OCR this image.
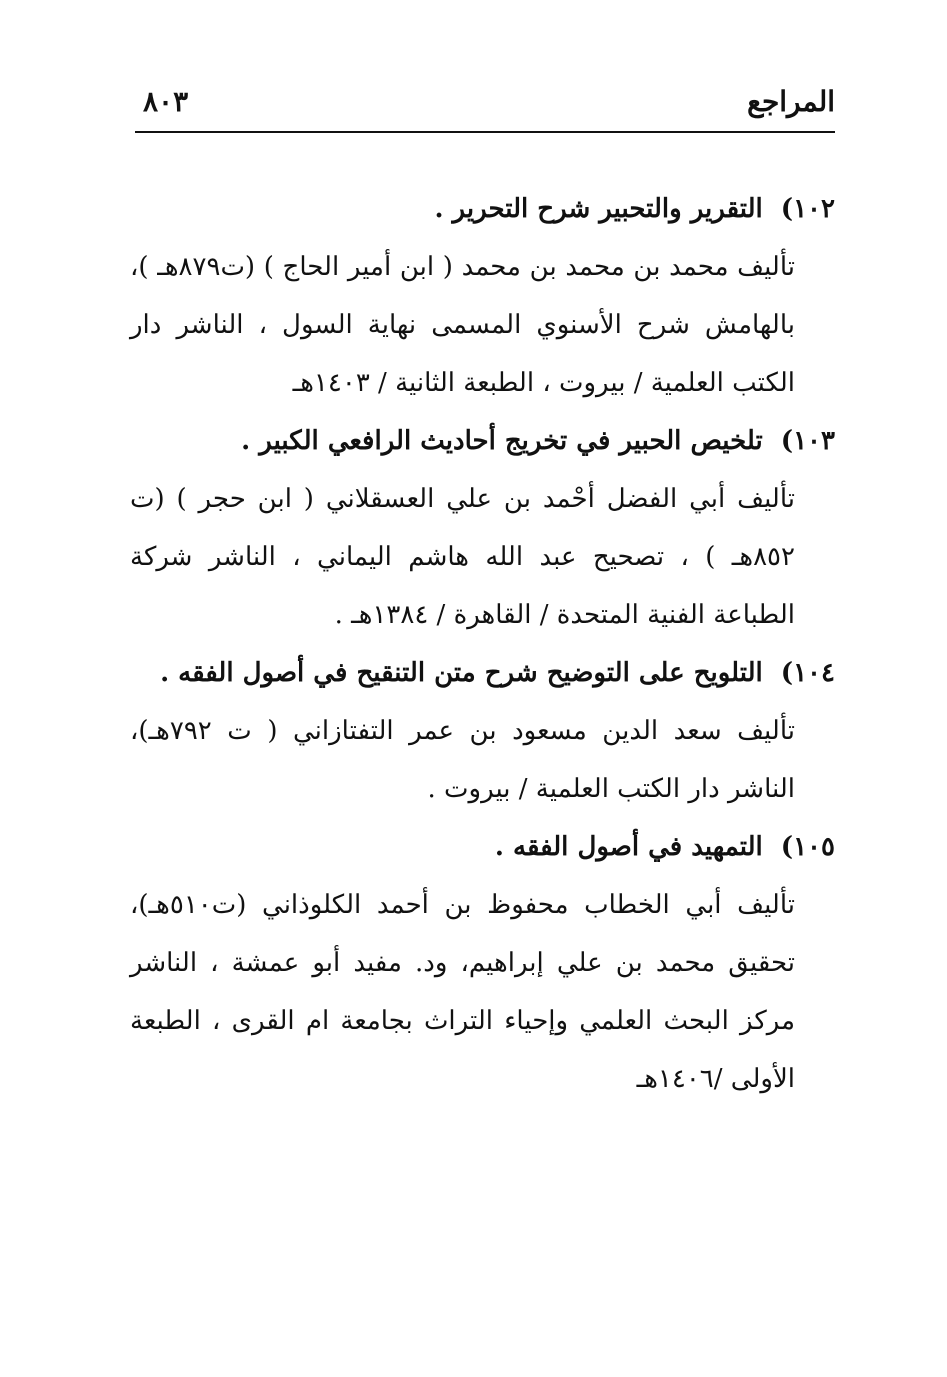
المراجع
٨٠٣
١٠٢)التقرير والتحبير شرح التحرير .
تأليف محمد بن محمد بن محمد ( ابن أمير الحاج ) (ت٨٧٩هـ )، بالهامش شرح الأسنوي المسمى نهاية السول ، الناشر دار الكتب العلمية / بيروت ، الطبعة الثانية / ١٤٠٣هـ
١٠٣)تلخيص الحبير في تخريج أحاديث الرافعي الكبير .
تأليف أبي الفضل أحْمد بن علي العسقلاني ( ابن حجر ) (ت ٨٥٢هـ ) ، تصحيح عبد الله هاشم اليماني ، الناشر شركة الطباعة الفنية المتحدة / القاهرة / ١٣٨٤هـ .
١٠٤)التلويح على التوضيح شرح متن التنقيح في أصول الفقه .
تأليف سعد الدين مسعود بن عمر التفتازاني ( ت ٧٩٢هـ)، الناشر دار الكتب العلمية / بيروت .
١٠٥)التمهيد في أصول الفقه .
تأليف أبي الخطاب محفوظ بن أحمد الكلوذاني (ت٥١٠هـ)، تحقيق محمد بن علي إبراهيم، ود. مفيد أبو عمشة ، الناشر مركز البحث العلمي وإحياء التراث بجامعة ام القرى ، الطبعة الأولى /١٤٠٦هـ
